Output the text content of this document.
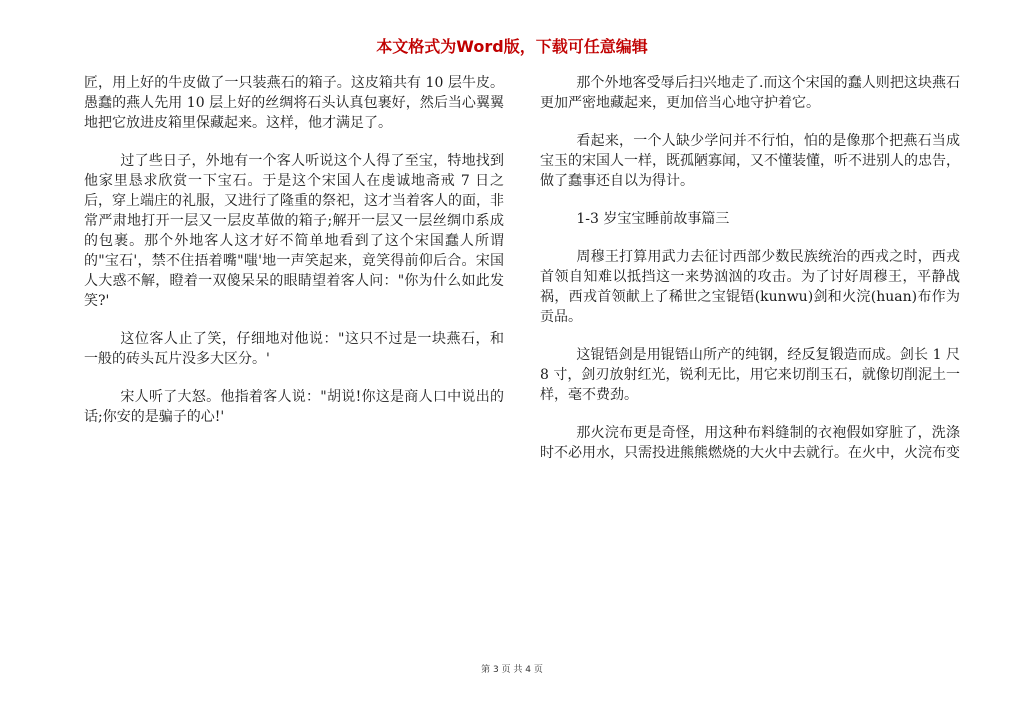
本文格式为Word版，下载可任意编辑

匠，用上好的牛皮做了一只装燕石的箱子。这皮箱共有 10 层牛皮。愚蠢的燕人先用 10 层上好的丝绸将石头认真包裹好，然后当心翼翼地把它放进皮箱里保藏起来。这样，他才满足了。

过了些日子，外地有一个客人听说这个人得了至宝，特地找到他家里恳求欣赏一下宝石。于是这个宋国人在虔诚地斋戒 7 日之后，穿上端庄的礼服，又进行了隆重的祭祀，这才当着客人的面，非常严肃地打开一层又一层皮革做的箱子;解开一层又一层丝绸巾系成的包裹。那个外地客人这才好不简单地看到了这个宋国蠢人所谓的"宝石'，禁不住捂着嘴"嗤'地一声笑起来，竟笑得前仰后合。宋国人大惑不解，瞪着一双傻呆呆的眼睛望着客人问："你为什么如此发笑?'

这位客人止了笑，仔细地对他说："这只不过是一块燕石，和一般的砖头瓦片没多大区分。'

宋人听了大怒。他指着客人说："胡说!你这是商人口中说出的话;你安的是骗子的心!'

那个外地客受辱后扫兴地走了.而这个宋国的蠢人则把这块燕石更加严密地藏起来，更加倍当心地守护着它。

看起来，一个人缺少学问并不行怕，怕的是像那个把燕石当成宝玉的宋国人一样，既孤陋寡闻，又不懂装懂，听不进别人的忠告，做了蠢事还自以为得计。

1-3 岁宝宝睡前故事篇三

周穆王打算用武力去征讨西部少数民族统治的西戎之时，西戎首领自知难以抵挡这一来势汹汹的攻击。为了讨好周穆王，平静战祸，西戎首领献上了稀世之宝锟铻(kunwu)剑和火浣(huan)布作为贡品。

这锟铻剑是用锟铻山所产的纯钢，经反复锻造而成。剑长 1 尺 8 寸，剑刃放射红光，锐利无比，用它来切削玉石，就像切削泥土一样，毫不费劲。

那火浣布更是奇怪，用这种布料缝制的衣袍假如穿脏了，洗涤时不必用水，只需投进熊熊燃烧的大火中去就行。在火中，火浣布变

第 3 页 共 4 页
